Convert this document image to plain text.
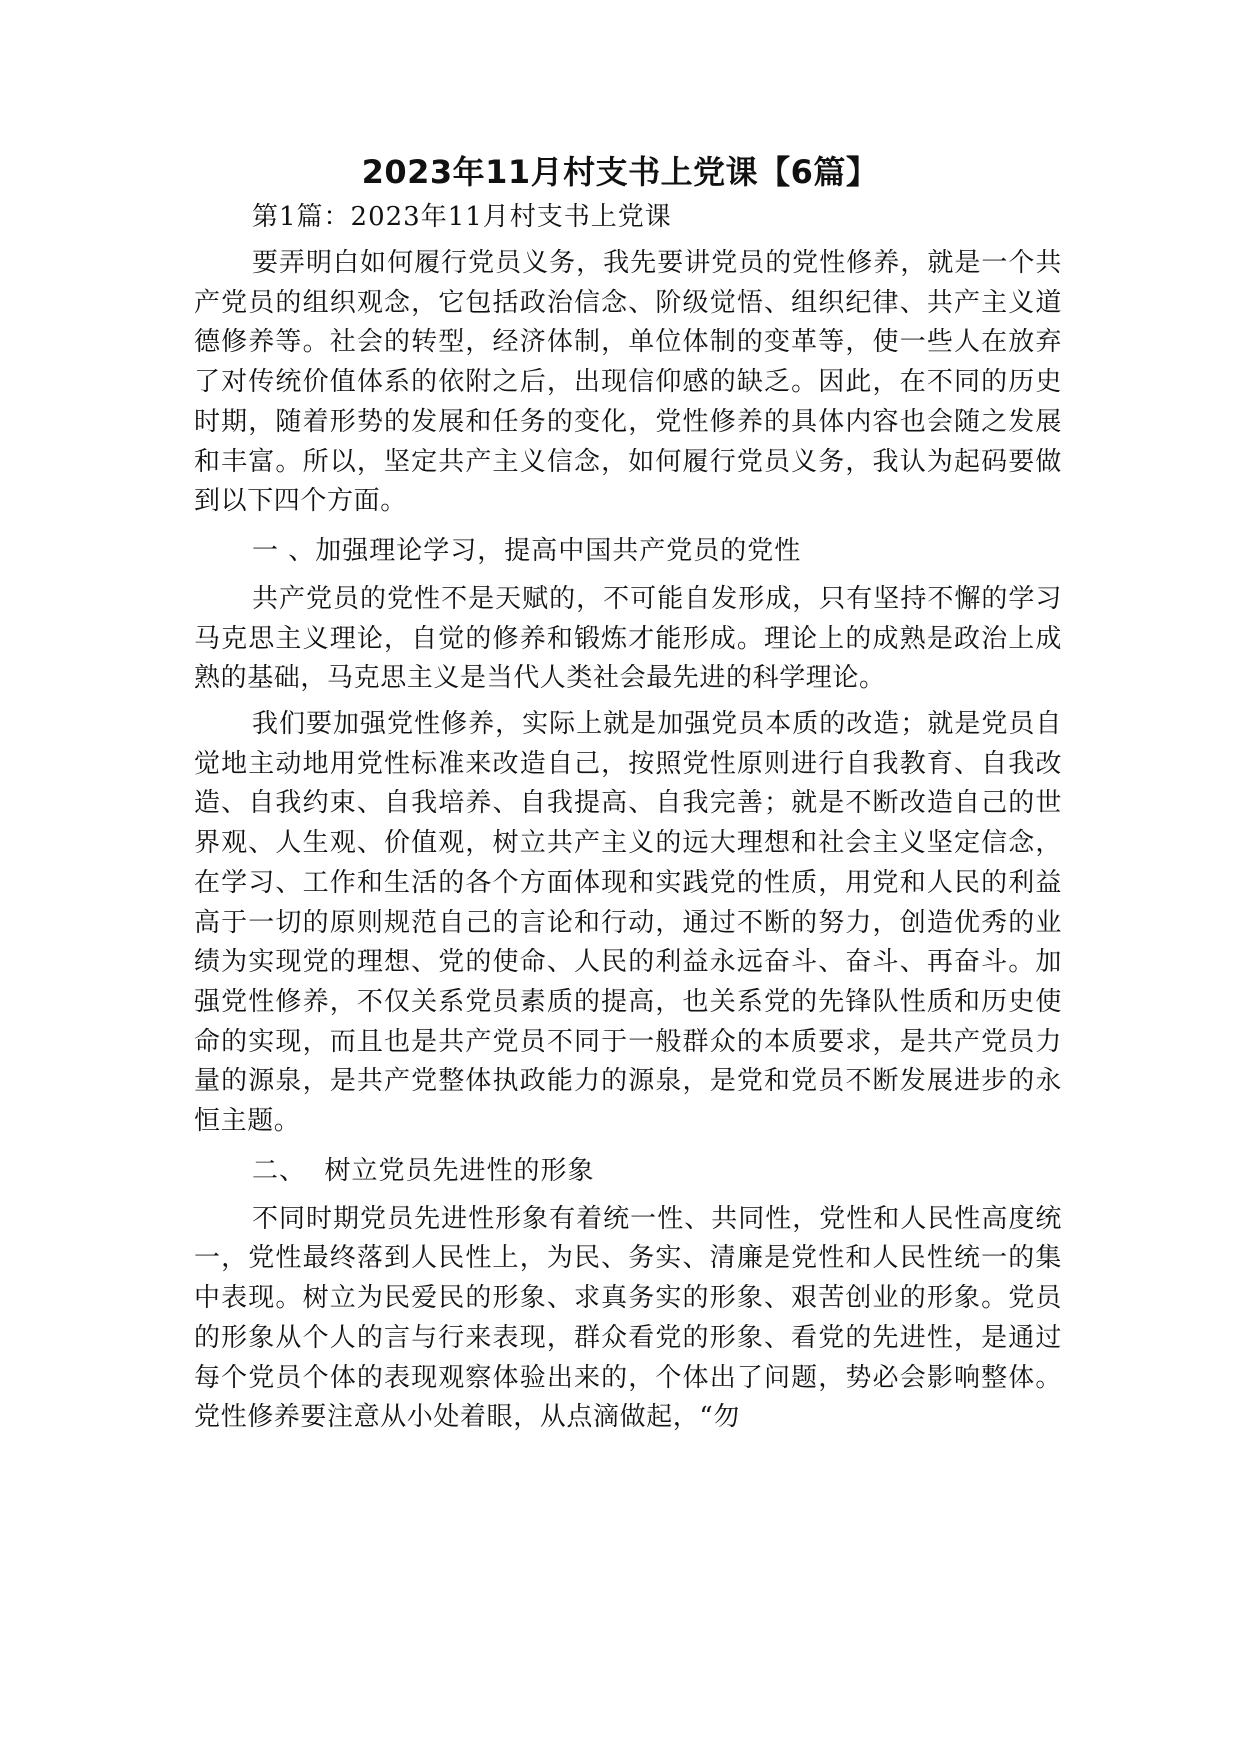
2023年11月村支书上党课【6篇】
第1篇：2023年11月村支书上党课

要弄明白如何履行党员义务，我先要讲党员的党性修养，就是一个共产党员的组织观念，它包括政治信念、阶级觉悟、组织纪律、共产主义道德修养等。社会的转型，经济体制，单位体制的变革等，使一些人在放弃了对传统价值体系的依附之后，出现信仰感的缺乏。因此，在不同的历史时期，随着形势的发展和任务的变化，党性修养的具体内容也会随之发展和丰富。所以，坚定共产主义信念，如何履行党员义务，我认为起码要做到以下四个方面。

一 、加强理论学习，提高中国共产党员的党性

共产党员的党性不是天赋的，不可能自发形成，只有坚持不懈的学习马克思主义理论，自觉的修养和锻炼才能形成。理论上的成熟是政治上成熟的基础，马克思主义是当代人类社会最先进的科学理论。

我们要加强党性修养，实际上就是加强党员本质的改造；就是党员自觉地主动地用党性标准来改造自己，按照党性原则进行自我教育、自我改造、自我约束、自我培养、自我提高、自我完善；就是不断改造自己的世界观、人生观、价值观，树立共产主义的远大理想和社会主义坚定信念，在学习、工作和生活的各个方面体现和实践党的性质，用党和人民的利益高于一切的原则规范自己的言论和行动，通过不断的努力，创造优秀的业绩为实现党的理想、党的使命、人民的利益永远奋斗、奋斗、再奋斗。加强党性修养，不仅关系党员素质的提高，也关系党的先锋队性质和历史使命的实现，而且也是共产党员不同于一般群众的本质要求，是共产党员力量的源泉，是共产党整体执政能力的源泉，是党和党员不断发展进步的永恒主题。

二、  树立党员先进性的形象

不同时期党员先进性形象有着统一性、共同性，党性和人民性高度统一，党性最终落到人民性上，为民、务实、清廉是党性和人民性统一的集中表现。树立为民爱民的形象、求真务实的形象、艰苦创业的形象。党员的形象从个人的言与行来表现，群众看党的形象、看党的先进性，是通过每个党员个体的表现观察体验出来的，个体出了问题，势必会影响整体。党性修养要注意从小处着眼，从点滴做起，“勿
